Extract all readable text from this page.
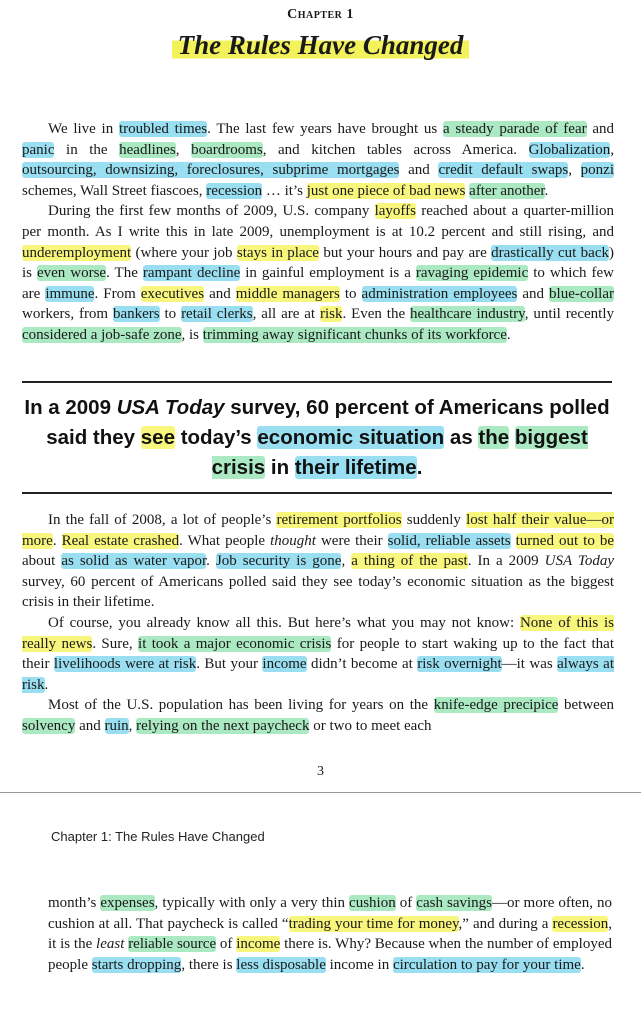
Chapter 1
The Rules Have Changed

We live in troubled times. The last few years have brought us a steady parade of fear and panic in the headlines, boardrooms, and kitchen tables across America. Globalization, outsourcing, downsizing, foreclosures, subprime mortgages and credit default swaps, ponzi schemes, Wall Street fiascoes, recession … it’s just one piece of bad news after another.

During the first few months of 2009, U.S. company layoffs reached about a quarter-million per month. As I write this in late 2009, unemployment is at 10.2 percent and still rising, and underemployment (where your job stays in place but your hours and pay are drastically cut back) is even worse. The rampant decline in gainful employment is a ravaging epidemic to which few are immune. From executives and middle managers to administration employees and blue-collar workers, from bankers to retail clerks, all are at risk. Even the healthcare industry, until recently considered a job-safe zone, is trimming away significant chunks of its workforce.

In a 2009 USA Today survey, 60 percent of Americans polled said they see today’s economic situation as the biggest crisis in their lifetime.

In the fall of 2008, a lot of people’s retirement portfolios suddenly lost half their value—or more. Real estate crashed. What people thought were their solid, reliable assets turned out to be about as solid as water vapor. Job security is gone, a thing of the past. In a 2009 USA Today survey, 60 percent of Americans polled said they see today’s economic situation as the biggest crisis in their lifetime.

Of course, you already know all this. But here’s what you may not know: None of this is really news. Sure, it took a major economic crisis for people to start waking up to the fact that their livelihoods were at risk. But your income didn’t become at risk overnight—it was always at risk.

Most of the U.S. population has been living for years on the knife-edge precipice between solvency and ruin, relying on the next paycheck or two to meet each

3
Chapter 1: The Rules Have Changed

month’s expenses, typically with only a very thin cushion of cash savings—or more often, no cushion at all. That paycheck is called “trading your time for money,” and during a recession, it is the least reliable source of income there is. Why? Because when the number of employed people starts dropping, there is less disposable income in circulation to pay for your time.
